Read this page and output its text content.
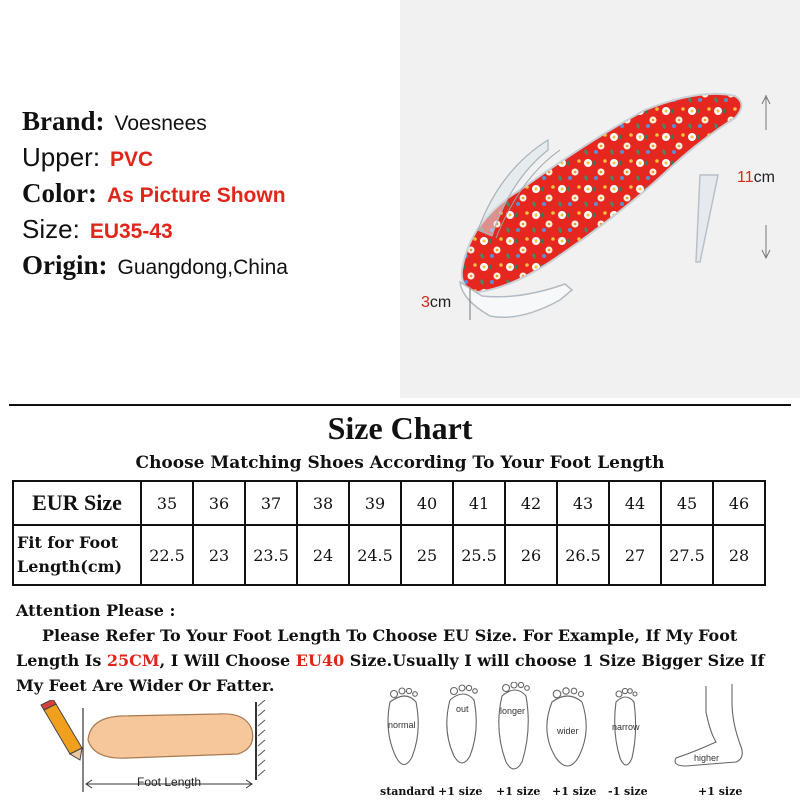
Brand: Voesnees
Upper: PVC
Color: As Picture Shown
Size: EU35-43
Origin: Guangdong,China
11cm
3cm
Size Chart
Choose Matching Shoes According To Your Foot Length
EUR Size	35	36	37	38	39	40	41	42	43	44	45	46
Fit for Foot
Length(cm)	22.5	23	23.5	24	24.5	25	25.5	26	26.5	27	27.5	28
Attention Please :
Please Refer To Your Foot Length To Choose EU Size. For Example, If My Foot Length Is 25CM, I Will Choose EU40 Size.Usually I will choose 1 Size Bigger Size If My Feet Are Wider Or Fatter.
Foot Length
normal
out	longer
wider	narrow
higher
standard +1 size +1 size +1 size -1 size	+1 size
